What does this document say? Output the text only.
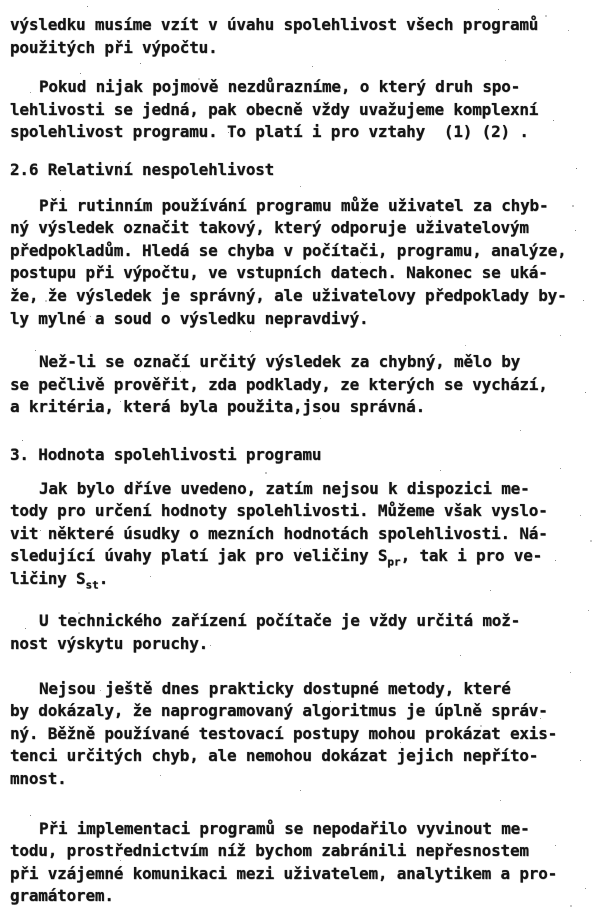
výsledku musíme vzít v úvahu spolehlivost všech programů
použitých při výpočtu.
Pokud nijak pojmově nezdůrazníme, o který druh spo-
lehlivosti se jedná, pak obecně vždy uvažujeme komplexní
spolehlivost programu. To platí i pro vztahy  (1) (2) .
2.6 Relativní nespolehlivost
Při rutinním používání programu může uživatel za chyb-
ný výsledek označit takový, který odporuje uživatelovým
předpokladům. Hledá se chyba v počítači, programu, analýze,
postupu při výpočtu, ve vstupních datech. Nakonec se uká-
že, že výsledek je správný, ale uživatelovy předpoklady by-
ly mylné a soud o výsledku nepravdivý.
Než-li se označí určitý výsledek za chybný, mělo by
se pečlivě prověřit, zda podklady, ze kterých se vychází,
a kritéria, která byla použita,jsou správná.
3. Hodnota spolehlivosti programu
Jak bylo dříve uvedeno, zatím nejsou k dispozici me-
tody pro určení hodnoty spolehlivosti. Můžeme však vyslo-
vit některé úsudky o mezních hodnotách spolehlivosti. Ná-
sledující úvahy platí jak pro veličiny $S_{pr}$, tak i pro ve-
ličiny $S_{st}$.
U technického zařízení počítače je vždy určitá mož-
nost výskytu poruchy.
Nejsou ještě dnes prakticky dostupné metody, které
by dokázaly, že naprogramovaný algoritmus je úplně správ-
ný. Běžně používané testovací postupy mohou prokázat exis-
tenci určitých chyb, ale nemohou dokázat jejich nepříto-
mnost.
Při implementaci programů se nepodařilo vyvinout me-
todu, prostřednictvím níž bychom zabránili nepřesnostem
při vzájemné komunikaci mezi uživatelem, analytikem a pro-
gramátorem.
